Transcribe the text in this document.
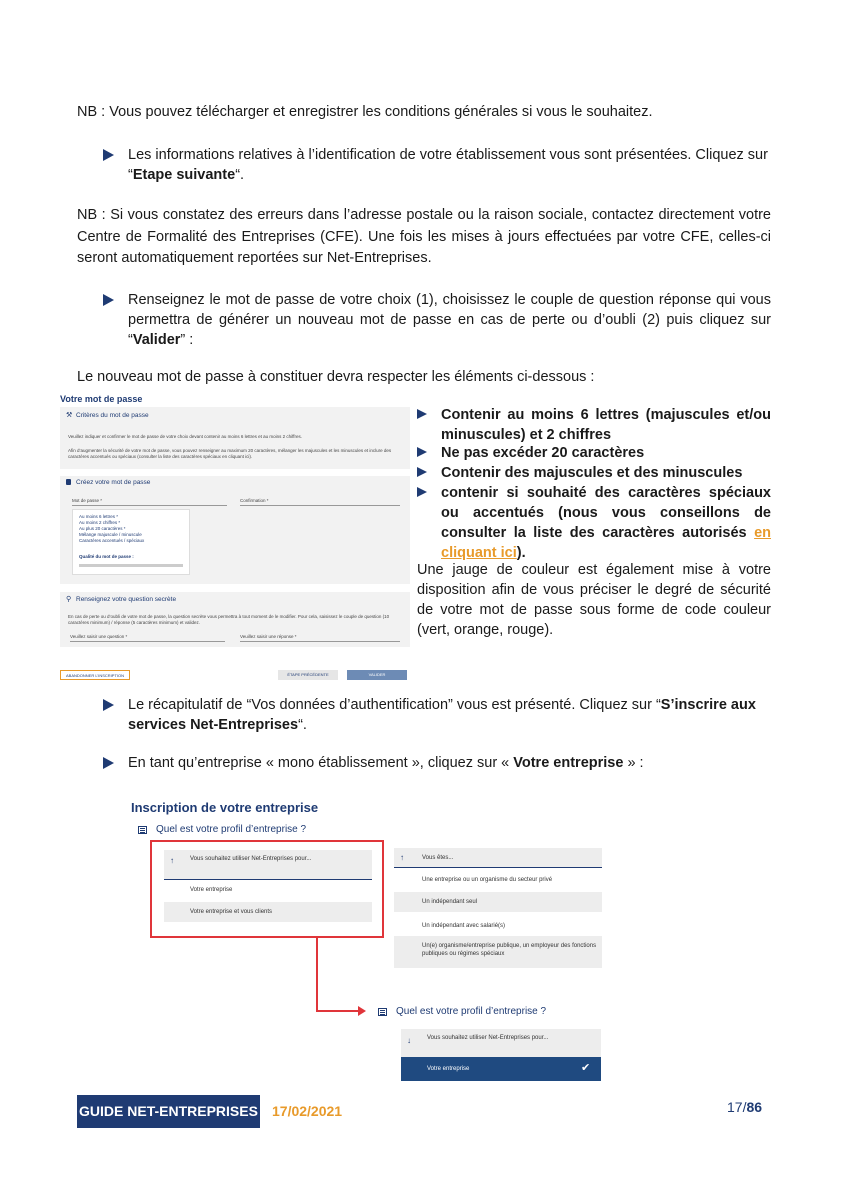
NB : Vous pouvez télécharger et enregistrer les conditions générales si vous le souhaitez.
Les informations relatives à l’identification de votre établissement vous sont présentées. Cliquez sur “Etape suivante“.
NB : Si vous constatez des erreurs dans l’adresse postale ou la raison sociale, contactez directement votre Centre de Formalité des Entreprises (CFE). Une fois les mises à jours effectuées par votre CFE, celles-ci seront automatiquement reportées sur Net-Entreprises.
Renseignez le mot de passe de votre choix (1), choisissez le couple de question réponse qui vous permettra de générer un nouveau mot de passe en cas de perte ou d’oubli (2) puis cliquez sur “Valider” :
Le nouveau mot de passe à constituer devra respecter les éléments ci-dessous :
Votre mot de passe
⚒ Critères du mot de passe
Veuillez indiquer et confirmer le mot de passe de votre choix devant contenir au moins 6 lettres et au moins 2 chiffres.
Afin d’augmenter la sécurité de votre mot de passe, vous pouvez renseigner au maximum 20 caractères, mélanger les majuscules et les minuscules et inclure des caractères accentués ou spéciaux (consulter la liste des caractères spéciaux en cliquant ici).
Créez votre mot de passe
Mot de passe *	Confirmation *
Au moins 6 lettres *
Au moins 2 chiffres *
Au plus 20 caractères *
Mélange majuscule / minuscule
Caractères accentués / spéciaux
Qualité du mot de passe :
⚲ Renseignez votre question secrète
En cas de perte ou d’oubli de votre mot de passe, la question secrète vous permettra à tout moment de le modifier. Pour cela, saisissez le couple de question (10 caractères minimum) / réponse (5 caractères minimum) et validez.
Veuillez saisir une question *	Veuillez saisir une réponse *
ABANDONNER L’INSCRIPTION	ÉTAPE PRÉCÉDENTE	VALIDER
Contenir au moins 6 lettres (majuscules et/ou minuscules) et 2 chiffres
Ne pas excéder 20 caractères
Contenir des majuscules et des minuscules
contenir si souhaité des caractères spéciaux ou accentués (nous vous conseillons de consulter la liste des caractères autorisés en cliquant ici).
Une jauge de couleur est également mise à votre disposition afin de vous préciser le degré de sécurité de votre mot de passe sous forme de code couleur (vert, orange, rouge).
Le récapitulatif de “Vos données d’authentification” vous est présenté. Cliquez sur “S’inscrire aux services Net-Entreprises“.
En tant qu’entreprise « mono établissement », cliquez sur « Votre entreprise » :
Inscription de votre entreprise
Quel est votre profil d’entreprise ?
↑	Vous souhaitez utiliser Net-Entreprises pour...
Votre entreprise
Votre entreprise et vous clients
↑	Vous êtes...
Une entreprise ou un organisme du secteur privé
Un indépendant seul
Un indépendant avec salarié(s)
Un(e) organisme/entreprise publique, un employeur des fonctions publiques ou régimes spéciaux
Quel est votre profil d’entreprise ?
↓	Vous souhaitez utiliser Net-Entreprises pour...
Votre entreprise	✔
GUIDE NET-ENTREPRISES 17/02/2021	17/86
